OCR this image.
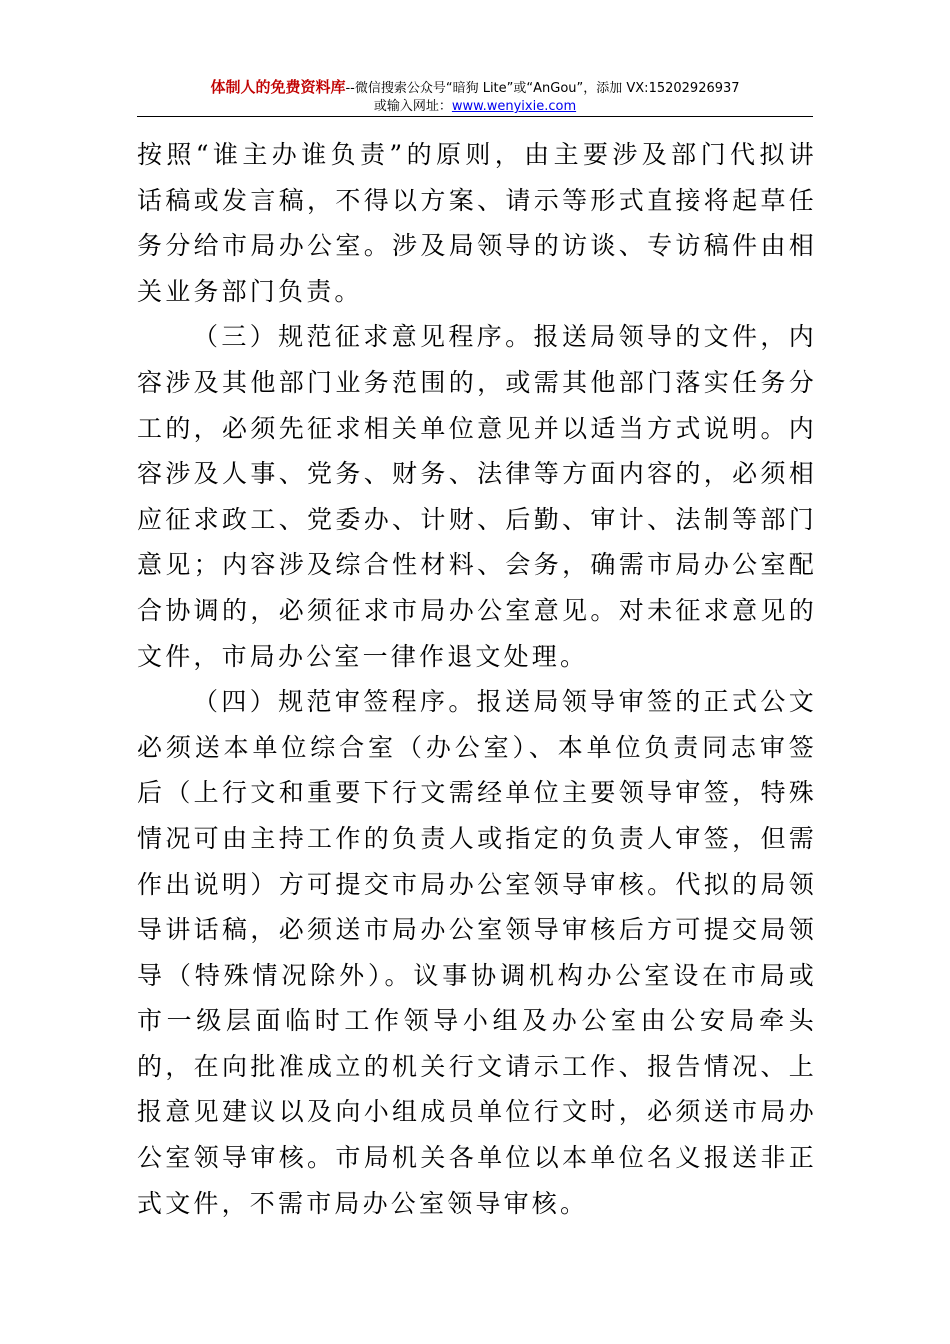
体制人的免费资料库--微信搜索公众号“暗狗 Lite”或“AnGou”，添加 VX:15202926937
或输入网址：www.wenyixie.com

按照“谁主办谁负责”的原则，由主要涉及部门代拟讲话稿或发言稿，不得以方案、请示等形式直接将起草任务分给市局办公室。涉及局领导的访谈、专访稿件由相关业务部门负责。

（三）规范征求意见程序。报送局领导的文件，内容涉及其他部门业务范围的，或需其他部门落实任务分工的，必须先征求相关单位意见并以适当方式说明。内容涉及人事、党务、财务、法律等方面内容的，必须相应征求政工、党委办、计财、后勤、审计、法制等部门意见；内容涉及综合性材料、会务，确需市局办公室配合协调的，必须征求市局办公室意见。对未征求意见的文件，市局办公室一律作退文处理。

（四）规范审签程序。报送局领导审签的正式公文必须送本单位综合室（办公室）、本单位负责同志审签后（上行文和重要下行文需经单位主要领导审签，特殊情况可由主持工作的负责人或指定的负责人审签，但需作出说明）方可提交市局办公室领导审核。代拟的局领导讲话稿，必须送市局办公室领导审核后方可提交局领导（特殊情况除外）。议事协调机构办公室设在市局或市一级层面临时工作领导小组及办公室由公安局牵头的，在向批准成立的机关行文请示工作、报告情况、上报意见建议以及向小组成员单位行文时，必须送市局办公室领导审核。市局机关各单位以本单位名义报送非正式文件，不需市局办公室领导审核。
